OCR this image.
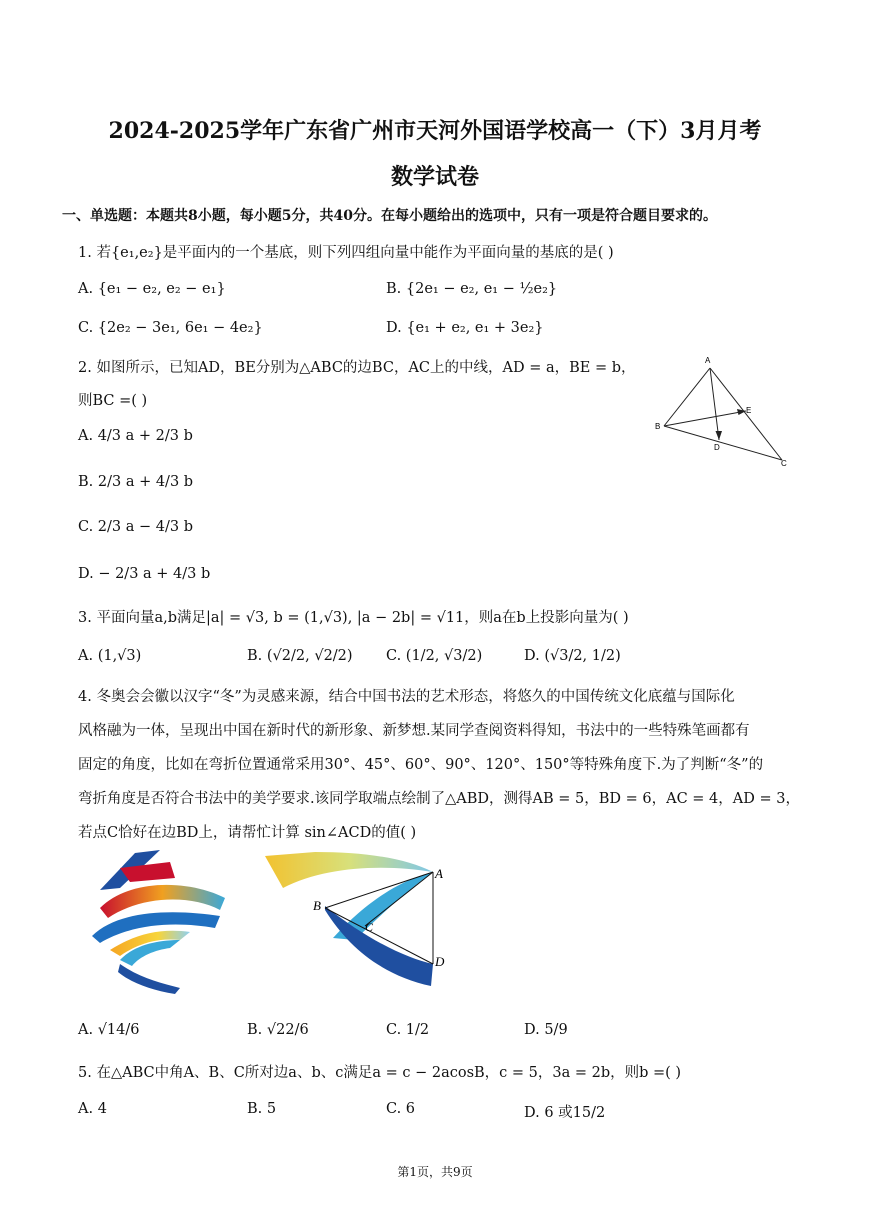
2024-2025学年广东省广州市天河外国语学校高一（下）3月月考
数学试卷
一、单选题：本题共8小题，每小题5分，共40分。在每小题给出的选项中，只有一项是符合题目要求的。
1. 若{e₁,e₂}是平面内的一个基底，则下列四组向量中能作为平面向量的基底的是( )
A. {e₁ − e₂, e₂ − e₁}	B. {2e₁ − e₂, e₁ − ½e₂}
C. {2e₂ − 3e₁, 6e₁ − 4e₂}	D. {e₁ + e₂, e₁ + 3e₂}
2. 如图所示，已知AD，BE分别为△ABC的边BC，AC上的中线，AD = a，BE = b，
则BC =( )
A. 4/3 a + 2/3 b
B. 2/3 a + 4/3 b
C. 2/3 a − 4/3 b
D. − 2/3 a + 4/3 b
A
E
B
D
C
3. 平面向量a,b满足|a| = √3, b = (1,√3), |a − 2b| = √11，则a在b上投影向量为( )
A. (1,√3)	B. (√2/2, √2/2) C. (1/2, √3/2)	D. (√3/2, 1/2)
4. 冬奥会会徽以汉字“冬”为灵感来源，结合中国书法的艺术形态，将悠久的中国传统文化底蕴与国际化
风格融为一体，呈现出中国在新时代的新形象、新梦想.某同学查阅资料得知，书法中的一些特殊笔画都有
固定的角度，比如在弯折位置通常采用30°、45°、60°、90°、120°、150°等特殊角度下.为了判断“冬”的
弯折角度是否符合书法中的美学要求.该同学取端点绘制了△ABD，测得AB = 5，BD = 6，AC = 4，AD = 3，
若点C恰好在边BD上，请帮忙计算 sin∠ACD的值( )
A
B
C
D
A. √14/6	B. √22/6	C. 1/2	D. 5/9
5. 在△ABC中角A、B、C所对边a、b、c满足a = c − 2acosB，c = 5，3a = 2b，则b =( )
A. 4	B. 5	C. 6	D. 6 或15/2
第1页，共9页
